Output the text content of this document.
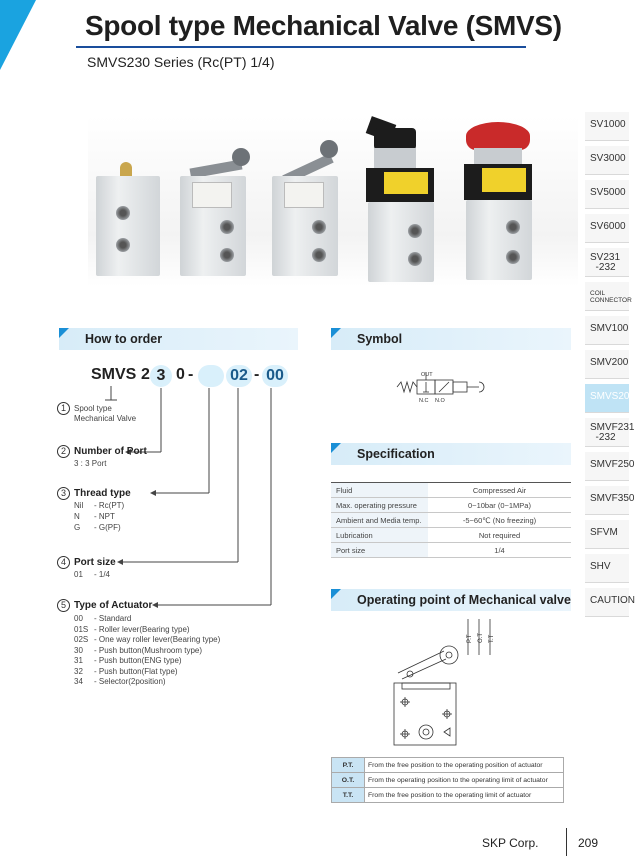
Spool type Mechanical Valve (SMVS)
SMVS230 Series (Rc(PT) 1/4)
SV1000
SV3000
SV5000
SV6000
SV231
-232
COIL
CONNECTOR
SMV100
SMV200
SMVS200
SMVF231
-232
SMVF250
SMVF350
SFVM
SHV
CAUTION
How to order
SMVS 2 3 0 - 02 - 00
1	Spool type
Mechanical Valve
2 Number of Port
3 : 3 Port
3 Thread type
Nil - Rc(PT)
N - NPT
G - G(PF)
4 Port size
01 - 1/4
5 Type of Actuator
00 - Standard
01S - Roller lever(Bearing type)
02S - One way roller lever(Bearing type)
30 - Push button(Mushroom type)
31 - Push button(ENG type)
32 - Push button(Flat type)
34 - Selector(2position)
Symbol
OUT
N.C N.O
Specification
Fluid	Compressed Air
Max. operating pressure	0~10bar (0~1MPa)
Ambient and Media temp.	-5~60℃ (No freezing)
Lubrication	Not required
Port size	1/4
Operating point of Mechanical valve
P.T O.T T.T
P.T.	From the free position to the operating position of actuator
O.T.	From the operating position to the operating limit of actuator
T.T.	From the free position to the operating limit of actuator
SKP Corp.	209
